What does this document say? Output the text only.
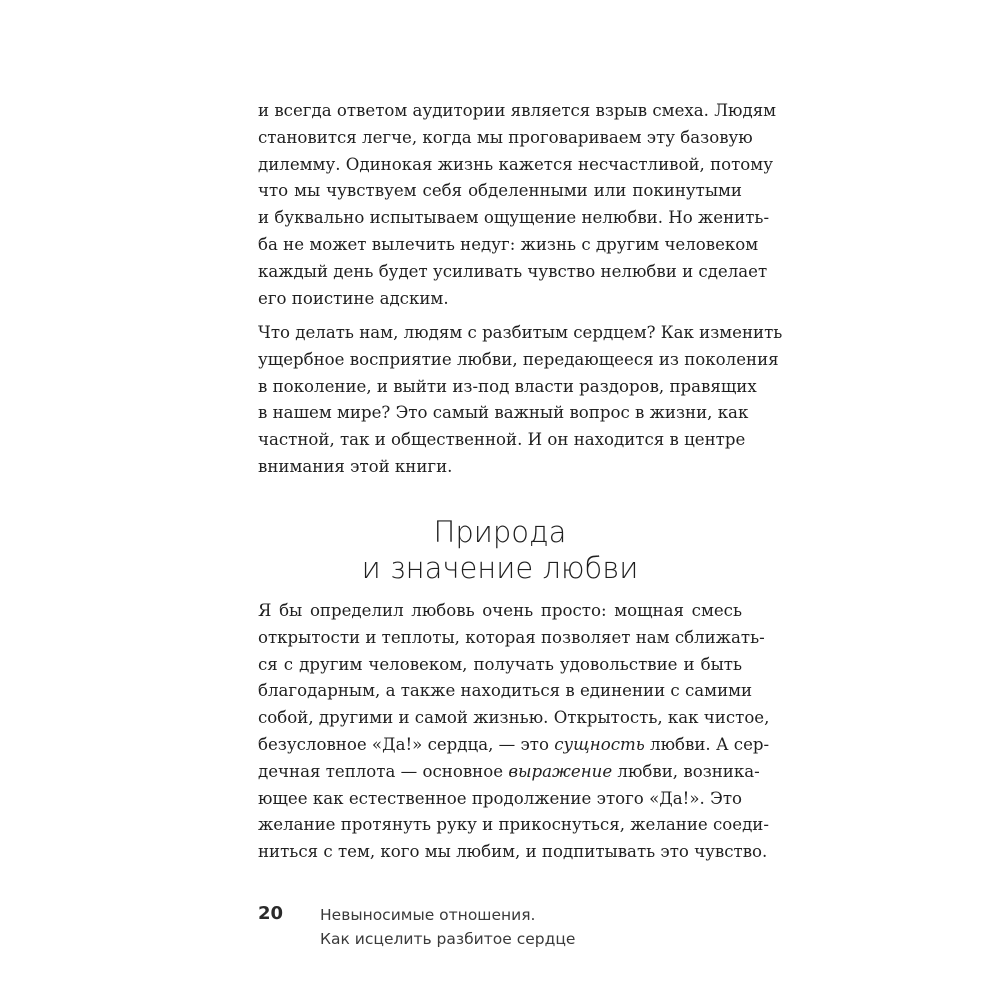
и всегда ответом аудитории является взрыв смеха. Людям
становится легче, когда мы проговариваем эту базовую
дилемму. Одинокая жизнь кажется несчастливой, потому
что мы чувствуем себя обделенными или покинутыми
и буквально испытываем ощущение нелюбви. Но женить-
ба не может вылечить недуг: жизнь с другим человеком
каждый день будет усиливать чувство нелюбви и сделает
его поистине адским.
Что делать нам, людям с разбитым сердцем? Как изменить
ущербное восприятие любви, передающееся из поколения
в поколение, и выйти из-под власти раздоров, правящих
в нашем мире? Это самый важный вопрос в жизни, как
частной, так и общественной. И он находится в центре
внимания этой книги.
Природа
и значение любви
Я бы определил любовь очень просто: мощная смесь
открытости и теплоты, которая позволяет нам сближать-
ся с другим человеком, получать удовольствие и быть
благодарным, а также находиться в единении с самими
собой, другими и самой жизнью. Открытость, как чистое,
безусловное «Да!» сердца, — это сущность любви. А сер-
дечная теплота — основное выражение любви, возника-
ющее как естественное продолжение этого «Да!». Это
желание протянуть руку и прикоснуться, желание соеди-
ниться с тем, кого мы любим, и подпитывать это чувство.
20 Невыносимые отношения.
Как исцелить разбитое сердце
